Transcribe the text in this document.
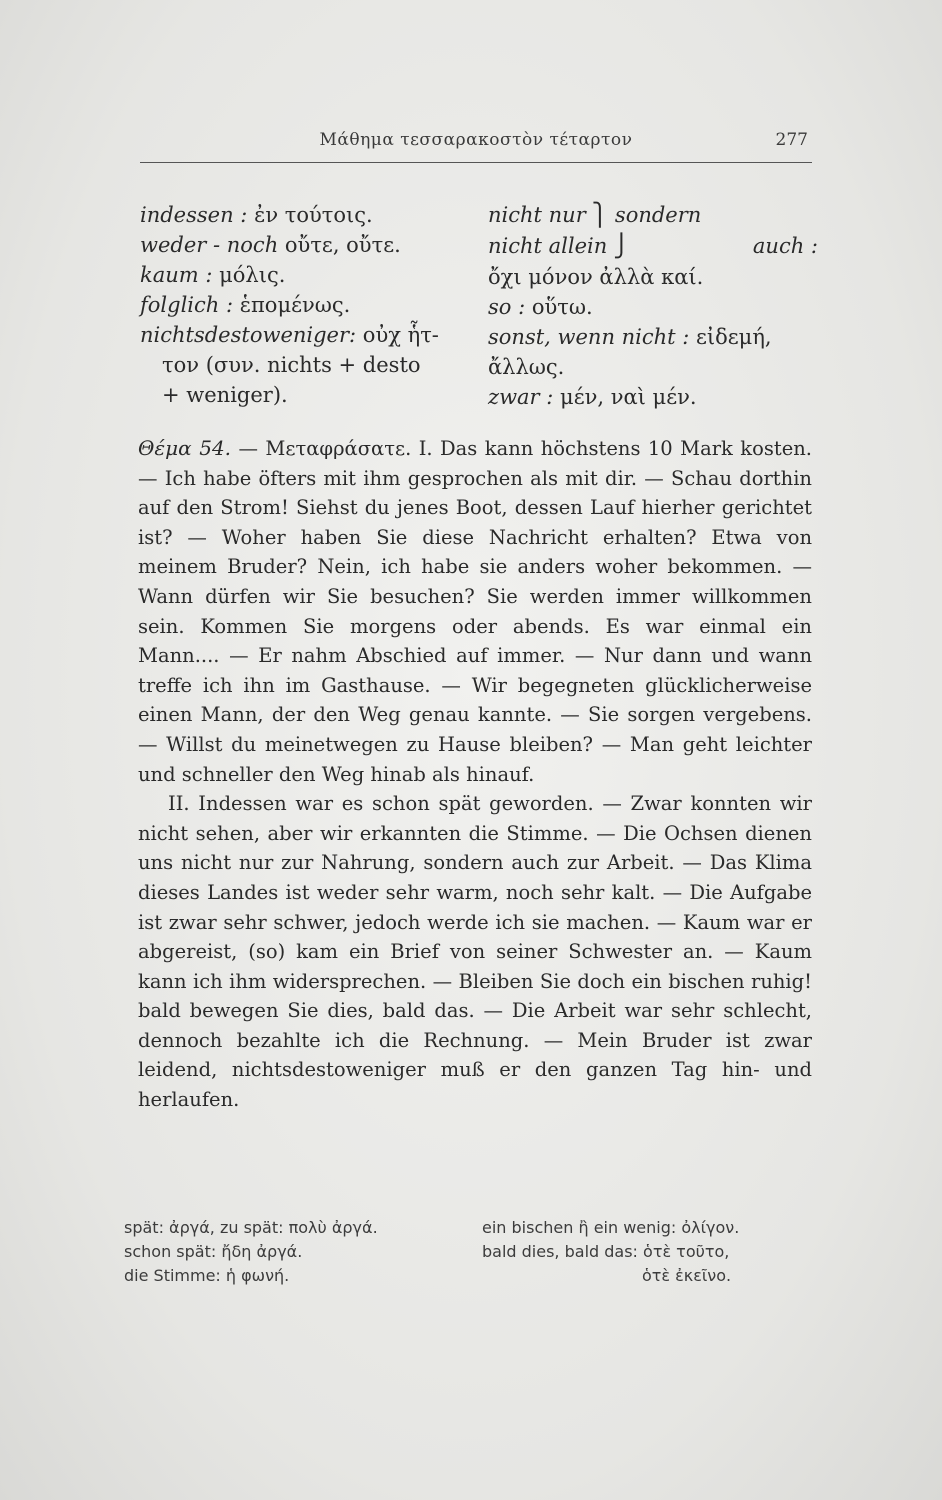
Μάθημα τεσσαρακοστὸν τέταρτον	277
indessen : ἐν τούτοις.
weder - noch οὔτε, οὔτε.
kaum : μόλις.
folglich : ἑπομένως.
nichtsdestoweniger: οὐχ ἧτ-
τον (συν. nichts + desto
+ weniger).
nicht nur ⎫ sondern
nicht allein ⎭	auch :
ὄχι μόνον ἀλλὰ καί.
so : οὕτω.
sonst, wenn nicht : εἰδεμή,
ἄλλως.
zwar : μέν, ναὶ μέν.

Θέμα 54. — Μεταφράσατε. I. Das kann höchstens 10 Mark kosten. — Ich habe öfters mit ihm gesprochen als mit dir. — Schau dorthin auf den Strom! Siehst du jenes Boot, dessen Lauf hierher gerichtet ist? — Woher haben Sie diese Nachricht erhalten? Etwa von meinem Bruder? Nein, ich habe sie anders woher bekommen. — Wann dürfen wir Sie besuchen? Sie werden immer willkommen sein. Kommen Sie morgens oder abends. Es war einmal ein Mann.... — Er nahm Abschied auf immer. — Nur dann und wann treffe ich ihn im Gasthause. — Wir begegneten glücklicherweise einen Mann, der den Weg genau kannte. — Sie sorgen vergebens. — Willst du meinetwegen zu Hause bleiben? — Man geht leichter und schneller den Weg hinab als hinauf.

II. Indessen war es schon spät geworden. — Zwar konnten wir nicht sehen, aber wir erkannten die Stimme. — Die Ochsen dienen uns nicht nur zur Nahrung, sondern auch zur Arbeit. — Das Klima dieses Landes ist weder sehr warm, noch sehr kalt. — Die Aufgabe ist zwar sehr schwer, jedoch werde ich sie machen. — Kaum war er abgereist, (so) kam ein Brief von seiner Schwester an. — Kaum kann ich ihm widersprechen. — Bleiben Sie doch ein bischen ruhig! bald bewegen Sie dies, bald das. — Die Arbeit war sehr schlecht, dennoch bezahlte ich die Rechnung. — Mein Bruder ist zwar leidend, nichtsdestoweniger muß er den ganzen Tag hin- und herlaufen.

spät: ἀργά, zu spät: πολὺ ἀργά.
schon spät: ἤδη ἀργά.
die Stimme: ἡ φωνή.
ein bischen ἢ ein wenig: ὀλίγον.
bald dies, bald das: ὁτὲ τοῦτο,
ὁτὲ ἐκεῖνο.
